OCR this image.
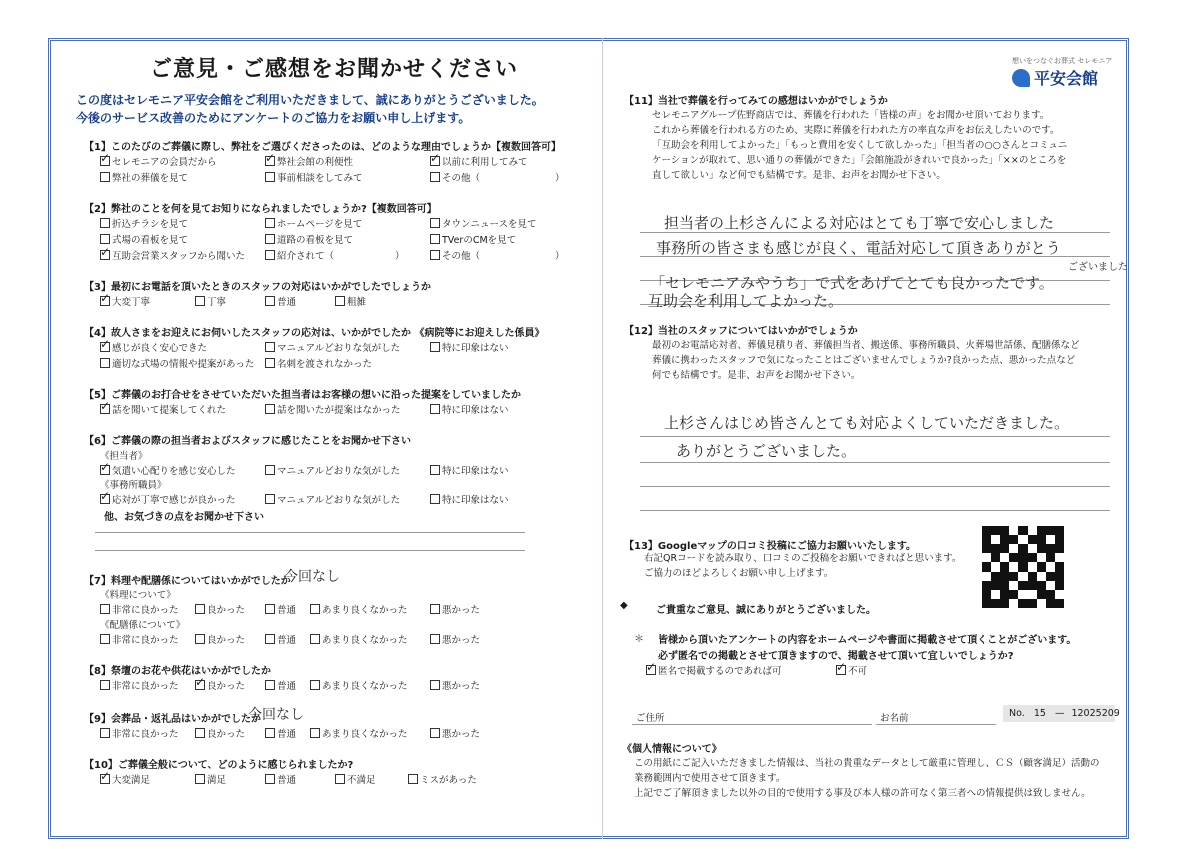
ご意見・ご感想をお聞かせください
この度はセレモニア平安会館をご利用いただきまして、誠にありがとうございました。
今後のサービス改善のためにアンケートのご協力をお願い申し上げます。
【1】このたびのご葬儀に際し、弊社をご選びくださったのは、どのような理由でしょうか【複数回答可】
✓セレモニアの会員だから ✓	弊社会館の利便性 ✓	以前に利用してみて
弊社の葬儀を見て	事前相談をしてみて	その他（	）
【2】弊社のことを何を見てお知りになられましたでしょうか?【複数回答可】
折込チラシを見て	ホームページを見て	タウンニュースを見て
式場の看板を見て	道路の看板を見て	TVerのCMを見て
✓互助会営業スタッフから聞いた	紹介されて（	）	その他（	）
【3】最初にお電話を頂いたときのスタッフの対応はいかがでしたでしょうか
✓大変丁寧	丁寧	普通	粗雑
【4】故人さまをお迎えにお伺いしたスタッフの応対は、いかがでしたか 《病院等にお迎えした係員》
✓感じが良く安心できた	マニュアルどおりな気がした	特に印象はない
適切な式場の情報や提案があった	名刺を渡されなかった
【5】ご葬儀のお打合せをさせていただいた担当者はお客様の想いに沿った提案をしていましたか
✓話を聞いて提案してくれた	話を聞いたが提案はなかった	特に印象はない
【6】ご葬儀の際の担当者およびスタッフに感じたことをお聞かせ下さい
《担当者》
✓気遣い心配りを感じ安心した	マニュアルどおりな気がした	特に印象はない
《事務所職員》
✓応対が丁寧で感じが良かった	マニュアルどおりな気がした	特に印象はない
他、お気づきの点をお聞かせ下さい
【7】料理や配膳係についてはいかがでしたか
今回なし
《料理について》
非常に良かった	良かった	普通	あまり良くなかった	悪かった
《配膳係について》
非常に良かった	良かった	普通	あまり良くなかった	悪かった
【8】祭壇のお花や供花はいかがでしたか
非常に良かった ✓	良かった	普通	あまり良くなかった	悪かった
【9】会葬品・返礼品はいかがでしたか
今回なし
非常に良かった	良かった	普通	あまり良くなかった	悪かった
【10】ご葬儀全般について、どのように感じられましたか?
✓大変満足	満足	普通	不満足	ミスがあった
想いをつなぐお葬式 セレモニア
平安会館
【11】当社で葬儀を行ってみての感想はいかがでしょうか
セレモニアグループ佐野商店では、葬儀を行われた「皆様の声」をお聞かせ頂いております。
これから葬儀を行われる方のため、実際に葬儀を行われた方の率直な声をお伝えしたいのです。
「互助会を利用してよかった」「もっと費用を安くして欲しかった」「担当者の○○さんとコミュニ
ケーションが取れて、思い通りの葬儀ができた」「会館施設がきれいで良かった」「××のところを
直して欲しい」など何でも結構です。是非、お声をお聞かせ下さい。
担当者の上杉さんによる対応はとても丁寧で安心しました
事務所の皆さまも感じが良く、電話対応して頂きありがとう
ございました
「セレモニアみやうち」で式をあげてとても良かったです。
互助会を利用してよかった。
【12】当社のスタッフについてはいかがでしょうか
最初のお電話応対者、葬儀見積り者、葬儀担当者、搬送係、事務所職員、火葬場世話係、配膳係など
葬儀に携わったスタッフで気になったことはございませんでしょうか?良かった点、悪かった点など
何でも結構です。是非、お声をお聞かせ下さい。
上杉さんはじめ皆さんとても対応よくしていただきました。
ありがとうございました。
【13】Googleマップの口コミ投稿にご協力お願いいたします。
右記QRコードを読み取り、口コミのご投稿をお願いできればと思います。
ご協力のほどよろしくお願い申し上げます。
◆	ご貴重なご意見、誠にありがとうございました。
＊ 皆様から頂いたアンケートの内容をホームページや書面に掲載させて頂くことがございます。
必ず匿名での掲載とさせて頂きますので、掲載させて頂いて宜しいでしょうか?
✓匿名で掲載するのであれば可 ✓	不可
ご住所	お名前	No. 15 — 12025209
《個人情報について》
この用紙にご記入いただきました情報は、当社の貴重なデータとして厳重に管理し、ＣＳ（顧客満足）活動の
業務範囲内で使用させて頂きます。
上記でご了解頂きました以外の目的で使用する事及び本人様の許可なく第三者への情報提供は致しません。
